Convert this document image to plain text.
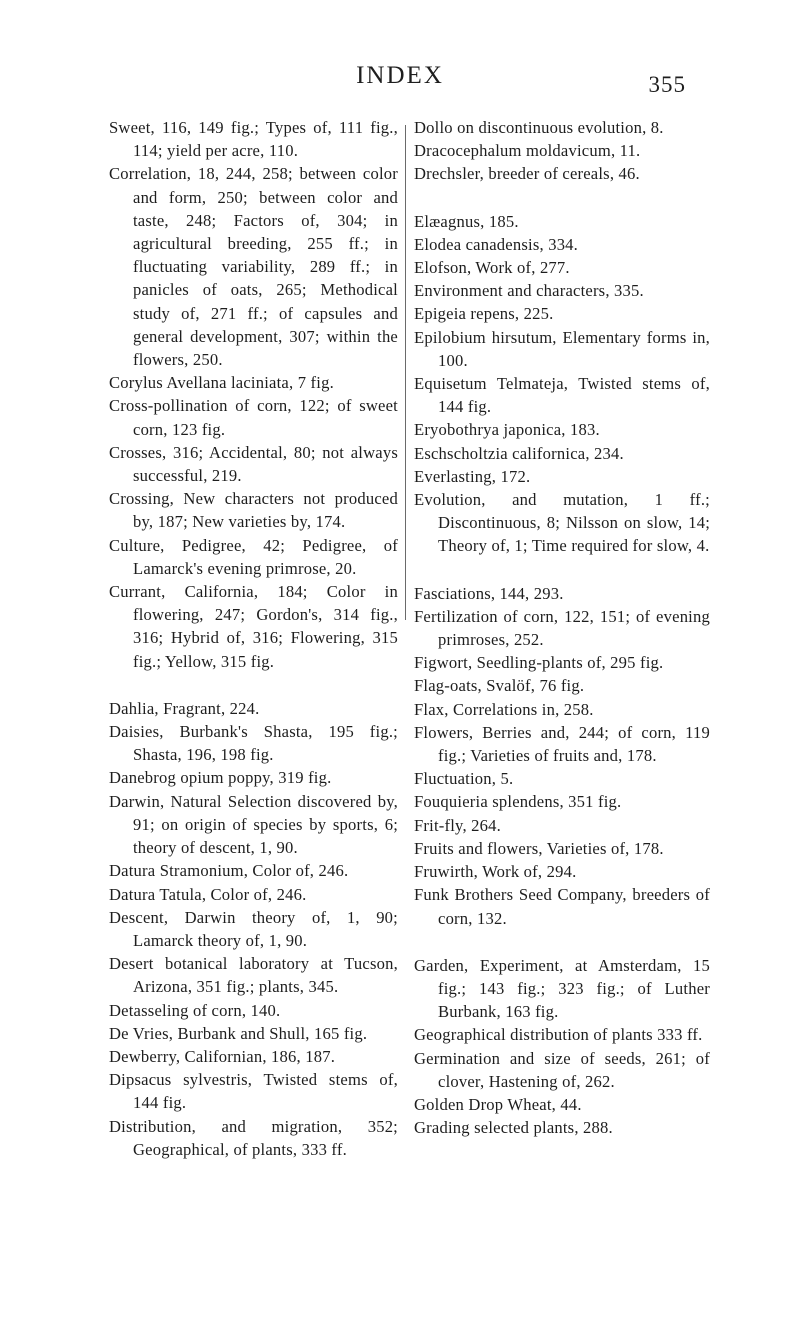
INDEX	355

Sweet, 116, 149 fig.; Types of, 111 fig., 114; yield per acre, 110.

Correlation, 18, 244, 258; between color and form, 250; between color and taste, 248; Factors of, 304; in agricultural breeding, 255 ff.; in fluctuating variability, 289 ff.; in panicles of oats, 265; Methodical study of, 271 ff.; of capsules and general development, 307; within the flowers, 250.

Corylus Avellana laciniata, 7 fig.

Cross-pollination of corn, 122; of sweet corn, 123 fig.

Crosses, 316; Accidental, 80; not always successful, 219.

Crossing, New characters not produced by, 187; New varieties by, 174.

Culture, Pedigree, 42; Pedigree, of Lamarck's evening primrose, 20.

Currant, California, 184; Color in flowering, 247; Gordon's, 314 fig., 316; Hybrid of, 316; Flowering, 315 fig.; Yellow, 315 fig.

Dahlia, Fragrant, 224.

Daisies, Burbank's Shasta, 195 fig.; Shasta, 196, 198 fig.

Danebrog opium poppy, 319 fig.

Darwin, Natural Selection discovered by, 91; on origin of species by sports, 6; theory of descent, 1, 90.

Datura Stramonium, Color of, 246.

Datura Tatula, Color of, 246.

Descent, Darwin theory of, 1, 90; Lamarck theory of, 1, 90.

Desert botanical laboratory at Tucson, Arizona, 351 fig.; plants, 345.

Detasseling of corn, 140.

De Vries, Burbank and Shull, 165 fig.

Dewberry, Californian, 186, 187.

Dipsacus sylvestris, Twisted stems of, 144 fig.

Distribution, and migration, 352; Geographical, of plants, 333 ff.

Dollo on discontinuous evolution, 8.

Dracocephalum moldavicum, 11.

Drechsler, breeder of cereals, 46.

Elæagnus, 185.

Elodea canadensis, 334.

Elofson, Work of, 277.

Environment and characters, 335.

Epigeia repens, 225.

Epilobium hirsutum, Elementary forms in, 100.

Equisetum Telmateja, Twisted stems of, 144 fig.

Eryobothrya japonica, 183.

Eschscholtzia californica, 234.

Everlasting, 172.

Evolution, and mutation, 1 ff.; Discontinuous, 8; Nilsson on slow, 14; Theory of, 1; Time required for slow, 4.

Fasciations, 144, 293.

Fertilization of corn, 122, 151; of evening primroses, 252.

Figwort, Seedling-plants of, 295 fig.

Flag-oats, Svalöf, 76 fig.

Flax, Correlations in, 258.

Flowers, Berries and, 244; of corn, 119 fig.; Varieties of fruits and, 178.

Fluctuation, 5.

Fouquieria splendens, 351 fig.

Frit-fly, 264.

Fruits and flowers, Varieties of, 178.

Fruwirth, Work of, 294.

Funk Brothers Seed Company, breeders of corn, 132.

Garden, Experiment, at Amsterdam, 15 fig.; 143 fig.; 323 fig.; of Luther Burbank, 163 fig.

Geographical distribution of plants 333 ff.

Germination and size of seeds, 261; of clover, Hastening of, 262.

Golden Drop Wheat, 44.

Grading selected plants, 288.
